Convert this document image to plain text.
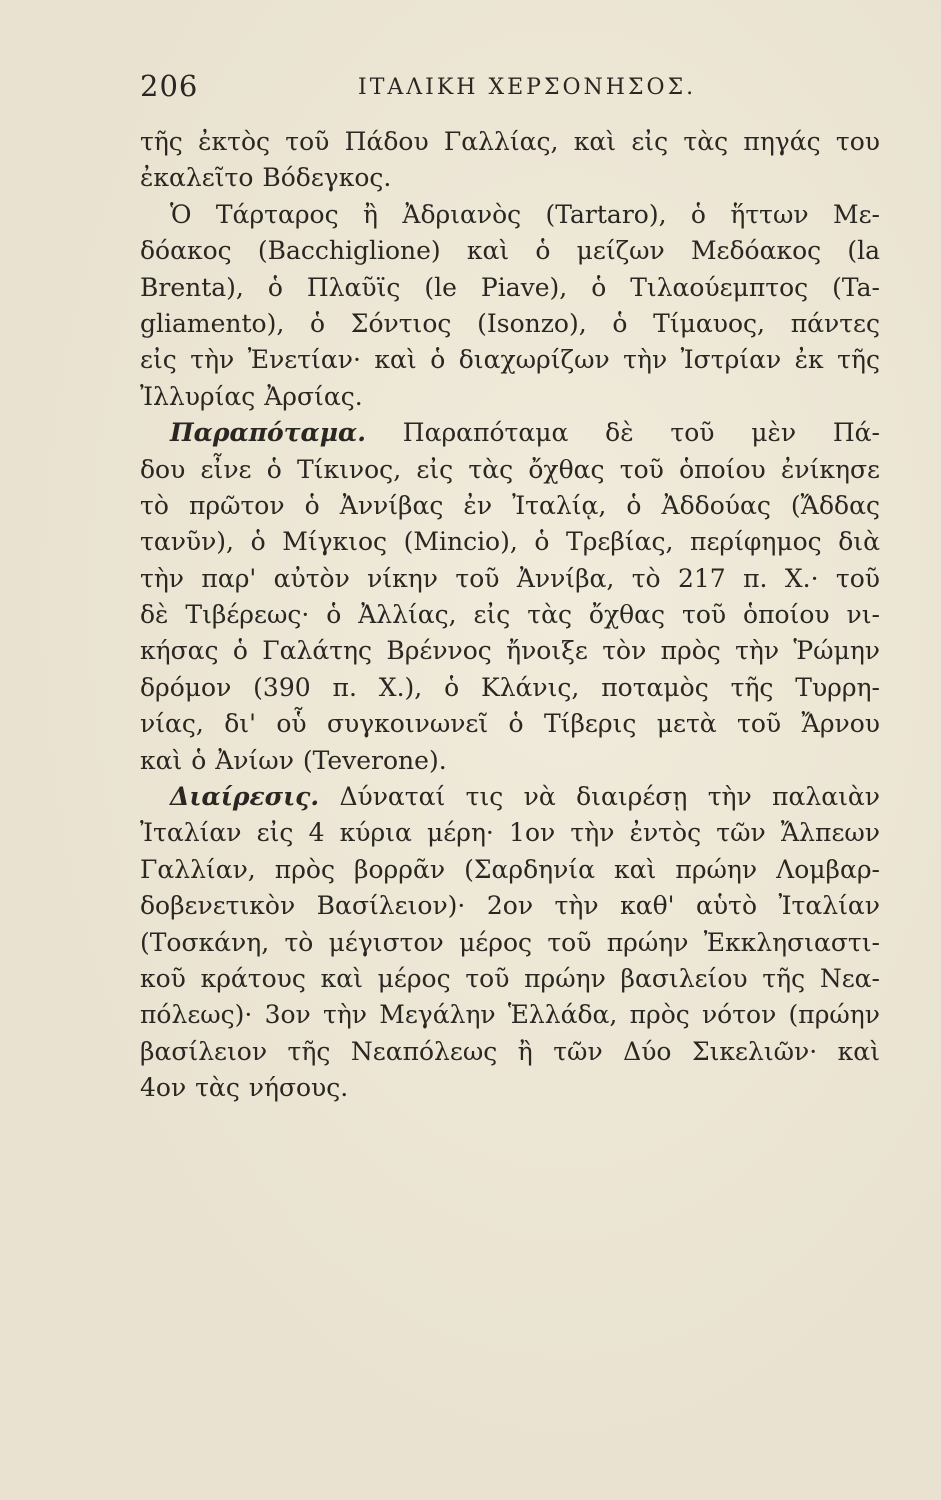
206	ΙΤΑΛΙΚΗ ΧΕΡΣΟΝΗΣΟΣ.
τῆς ἐκτὸς τοῦ Πάδου Γαλλίας, καὶ εἰς τὰς πηγάς του
ἐκαλεῖτο Βόδεγκος.
Ὁ Τάρταρος ἢ Ἀδριανὸς (Tartaro), ὁ ἥττων Με-
δόακος (Bacchiglione) καὶ ὁ μείζων Μεδόακος (la
Brenta), ὁ Πλαῦϊς (le Piave), ὁ Τιλαούεμπτος (Ta-
gliamento), ὁ Σόντιος (Isonzo), ὁ Τίμαυος, πάντες
εἰς τὴν Ἐνετίαν· καὶ ὁ διαχωρίζων τὴν Ἰστρίαν ἐκ τῆς
Ἰλλυρίας Ἀρσίας.
Παραπόταμα. Παραπόταμα δὲ τοῦ μὲν Πά-
δου εἶνε ὁ Τίκινος, εἰς τὰς ὄχθας τοῦ ὁποίου ἐνίκησε
τὸ πρῶτον ὁ Ἀννίβας ἐν Ἰταλίᾳ, ὁ Ἀδδούας (Ἄδδας
τανῦν), ὁ Μίγκιος (Mincio), ὁ Τρεβίας, περίφημος διὰ
τὴν παρ' αὐτὸν νίκην τοῦ Ἀννίβα, τὸ 217 π. Χ.· τοῦ
δὲ Τιβέρεως· ὁ Ἀλλίας, εἰς τὰς ὄχθας τοῦ ὁποίου νι-
κήσας ὁ Γαλάτης Βρέννος ἤνοιξε τὸν πρὸς τὴν Ῥώμην
δρόμον (390 π. Χ.), ὁ Κλάνις, ποταμὸς τῆς Τυρρη-
νίας, δι' οὗ συγκοινωνεῖ ὁ Τίβερις μετὰ τοῦ Ἄρνου
καὶ ὁ Ἀνίων (Teverone).
Διαίρεσις. Δύναταί τις νὰ διαιρέσῃ τὴν παλαιὰν
Ἰταλίαν εἰς 4 κύρια μέρη· 1ον τὴν ἐντὸς τῶν Ἄλπεων
Γαλλίαν, πρὸς βορρᾶν (Σαρδηνία καὶ πρώην Λομβαρ-
δοβενετικὸν Βασίλειον)· 2ον τὴν καθ' αὑτὸ Ἰταλίαν
(Τοσκάνη, τὸ μέγιστον μέρος τοῦ πρώην Ἐκκλησιαστι-
κοῦ κράτους καὶ μέρος τοῦ πρώην βασιλείου τῆς Νεα-
πόλεως)· 3ον τὴν Μεγάλην Ἑλλάδα, πρὸς νότον (πρώην
βασίλειον τῆς Νεαπόλεως ἢ τῶν Δύο Σικελιῶν· καὶ
4ον τὰς νήσους.
